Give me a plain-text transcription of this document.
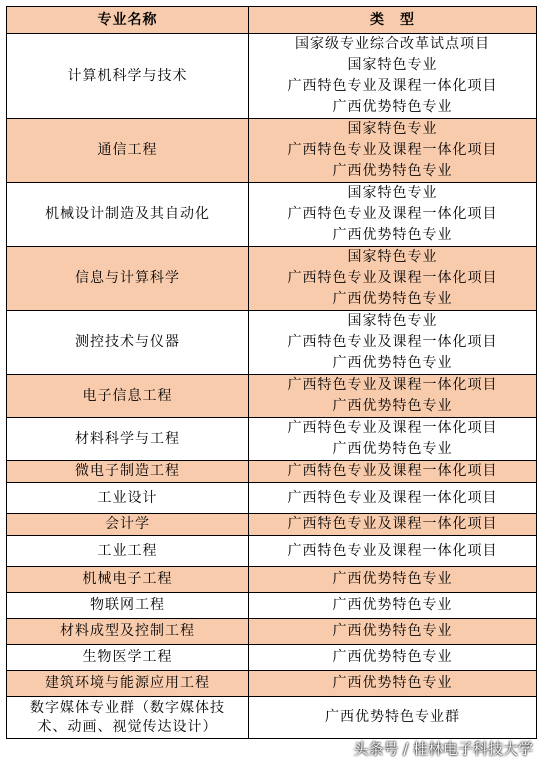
专业名称	类　型

计算机科学与技术	国家级专业综合改革试点项目
国家特色专业
广西特色专业及课程一体化项目
广西优势特色专业

通信工程	国家特色专业
广西特色专业及课程一体化项目
广西优势特色专业

机械设计制造及其自动化	国家特色专业
广西特色专业及课程一体化项目
广西优势特色专业

信息与计算科学	国家特色专业
广西特色专业及课程一体化项目
广西优势特色专业

测控技术与仪器	国家特色专业
广西特色专业及课程一体化项目
广西优势特色专业

电子信息工程	广西特色专业及课程一体化项目
广西优势特色专业

材料科学与工程	广西特色专业及课程一体化项目
广西优势特色专业

微电子制造工程	广西特色专业及课程一体化项目

工业设计	广西特色专业及课程一体化项目

会计学	广西特色专业及课程一体化项目

工业工程	广西特色专业及课程一体化项目

机械电子工程	广西优势特色专业

物联网工程	广西优势特色专业

材料成型及控制工程	广西优势特色专业

生物医学工程	广西优势特色专业

建筑环境与能源应用工程	广西优势特色专业

数字媒体专业群（数字媒体技
术、动画、视觉传达设计）	广西优势特色专业群
头条号 / 桂林电子科技大学
